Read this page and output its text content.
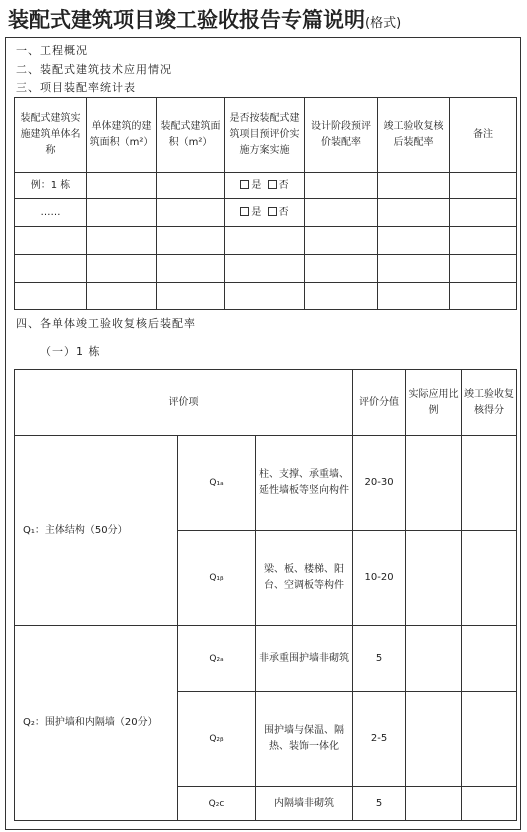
装配式建筑项目竣工验收报告专篇说明(格式)
一、工程概况
二、装配式建筑技术应用情况
三、项目装配率统计表
装配式建筑实施建筑单体名称	单体建筑的建筑面积（m²）	装配式建筑面积（m²）	是否按装配式建筑项目预评价实施方案实施	设计阶段预评价装配率	竣工验收复核后装配率	备注
例：1 栋			是 否			
……			是 否			

四、各单体竣工验收复核后装配率
（一）1 栋
评价项			评价分值	实际应用比例	竣工验收复核得分
Q₁：主体结构（50分）	Q₁ₐ	柱、支撑、承重墙、延性墙板等竖向构件	20-30		
	Q₁ᵦ	梁、板、楼梯、阳台、空调板等构件	10-20		
Q₂：围护墙和内隔墙（20分）	Q₂ₐ	非承重围护墙非砌筑	5		
	Q₂ᵦ	围护墙与保温、隔热、装饰一体化	2-5		
	Q₂c	内隔墙非砌筑	5		
